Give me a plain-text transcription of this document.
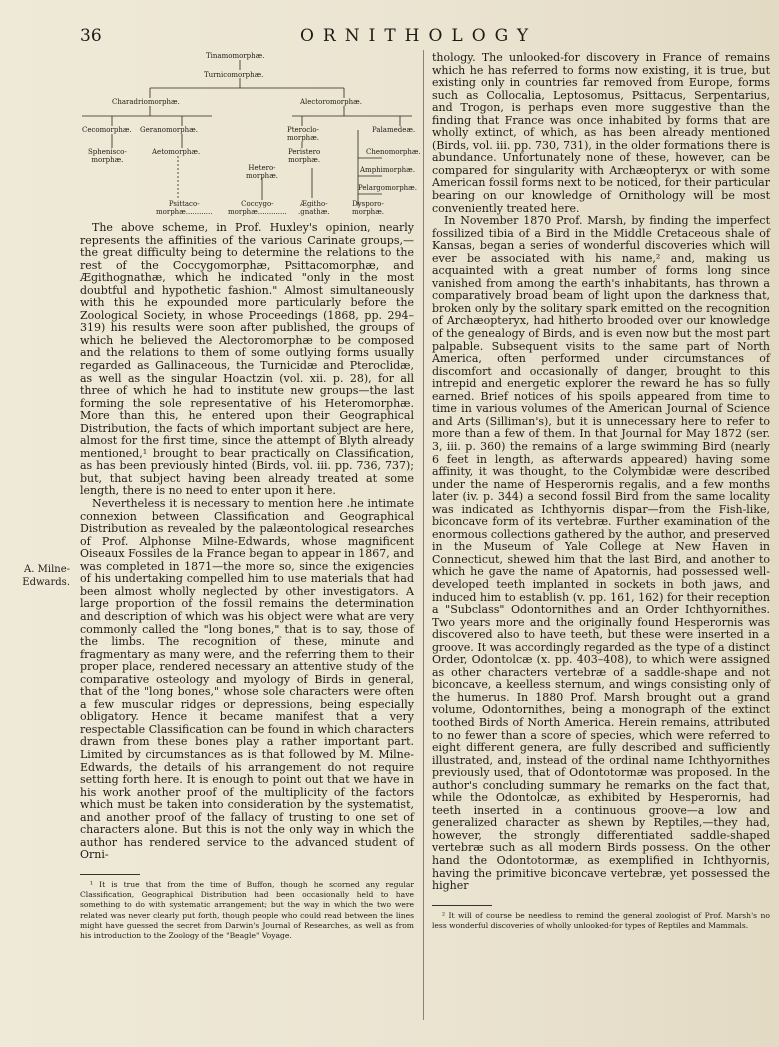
36	ORNITHOLOGY
Tinamomorphæ.
Turnicomorphæ.
Charadriomorphæ.	Alectoromorphæ.
Cecomorphæ. Geranomorphæ.	Pteroclo-
morphæ.
Palamedeæ.
Sphenisco-
morphæ.
Aetomorphæ.	Peristero
morphæ.
Chenomorphæ.
Hetero-
morphæ.
Amphimorphæ.
Pelargomorphæ.
Psittaco-
morphæ............
Coccygo-
morphæ.............
Ægitho-
.gnathæ.
Dysporo-
morphæ.
A. Milne-
Edwards.

The above scheme, in Prof. Huxley's opinion, nearly represents the affinities of the various Carinate groups,—the great difficulty being to determine the relations to the rest of the Coccygomorphæ, Psittacomorphæ, and Ægithognathæ, which he indicated "only in the most doubtful and hypothetic fashion." Almost simultaneously with this he expounded more particularly before the Zoological Society, in whose Proceedings (1868, pp. 294–319) his results were soon after published, the groups of which he believed the Alectoromorphæ to be composed and the relations to them of some outlying forms usually regarded as Gallinaceous, the Turnicidæ and Pteroclidæ, as well as the singular Hoactzin (vol. xii. p. 28), for all three of which he had to institute new groups—the last forming the sole representative of his Heteromorphæ. More than this, he entered upon their Geographical Distribution, the facts of which important subject are here, almost for the first time, since the attempt of Blyth already mentioned,¹ brought to bear practically on Classification, as has been previously hinted (Birds, vol. iii. pp. 736, 737); but, that subject having been already treated at some length, there is no need to enter upon it here.

Nevertheless it is necessary to mention here .he intimate connexion between Classification and Geographical Distribution as revealed by the palæontological researches of Prof. Alphonse Milne-Edwards, whose magnificent Oiseaux Fossiles de la France began to appear in 1867, and was completed in 1871—the more so, since the exigencies of his undertaking compelled him to use materials that had been almost wholly neglected by other investigators. A large proportion of the fossil remains the determination and description of which was his object were what are very commonly called the "long bones," that is to say, those of the limbs. The recognition of these, minute and fragmentary as many were, and the referring them to their proper place, rendered necessary an attentive study of the comparative osteology and myology of Birds in general, that of the "long bones," whose sole characters were often a few muscular ridges or depressions, being especially obligatory. Hence it became manifest that a very respectable Classification can be found in which characters drawn from these bones play a rather important part. Limited by circumstances as is that followed by M. Milne-Edwards, the details of his arrangement do not require setting forth here. It is enough to point out that we have in his work another proof of the multiplicity of the factors which must be taken into consideration by the systematist, and another proof of the fallacy of trusting to one set of characters alone. But this is not the only way in which the author has rendered service to the advanced student of Orni-

¹ It is true that from the time of Buffon, though he scorned any regular Classification, Geographical Distribution had been occasionally held to have something to do with systematic arrangement; but the way in which the two were related was never clearly put forth, though people who could read between the lines might have guessed the secret from Darwin's Journal of Researches, as well as from his introduction to the Zoology of the "Beagle" Voyage.

thology. The unlooked-for discovery in France of remains which he has referred to forms now existing, it is true, but existing only in countries far removed from Europe, forms such as Collocalia, Leptosomus, Psittacus, Serpentarius, and Trogon, is perhaps even more suggestive than the finding that France was once inhabited by forms that are wholly extinct, of which, as has been already mentioned (Birds, vol. iii. pp. 730, 731), in the older formations there is abundance. Unfortunately none of these, however, can be compared for singularity with Archæopteryx or with some American fossil forms next to be noticed, for their particular bearing on our knowledge of Ornithology will be most conveniently treated here.

In November 1870 Prof. Marsh, by finding the imperfect fossilized tibia of a Bird in the Middle Cretaceous shale of Kansas, began a series of wonderful discoveries which will ever be associated with his name,² and, making us acquainted with a great number of forms long since vanished from among the earth's inhabitants, has thrown a comparatively broad beam of light upon the darkness that, broken only by the solitary spark emitted on the recognition of Archæopteryx, had hitherto brooded over our knowledge of the genealogy of Birds, and is even now but the most part palpable. Subsequent visits to the same part of North America, often performed under circumstances of discomfort and occasionally of danger, brought to this intrepid and energetic explorer the reward he has so fully earned. Brief notices of his spoils appeared from time to time in various volumes of the American Journal of Science and Arts (Silliman's), but it is unnecessary here to refer to more than a few of them. In that Journal for May 1872 (ser. 3, iii. p. 360) the remains of a large swimming Bird (nearly 6 feet in length, as afterwards appeared) having some affinity, it was thought, to the Colymbidæ were described under the name of Hesperornis regalis, and a few months later (iv. p. 344) a second fossil Bird from the same locality was indicated as Ichthyornis dispar—from the Fish-like, biconcave form of its vertebræ. Further examination of the enormous collections gathered by the author, and preserved in the Museum of Yale College at New Haven in Connecticut, shewed him that the last Bird, and another to which he gave the name of Apatornis, had possessed well-developed teeth implanted in sockets in both jaws, and induced him to establish (v. pp. 161, 162) for their reception a "Subclass" Odontornithes and an Order Ichthyornithes. Two years more and the originally found Hesperornis was discovered also to have teeth, but these were inserted in a groove. It was accordingly regarded as the type of a distinct Order, Odontolcæ (x. pp. 403–408), to which were assigned as other characters vertebræ of a saddle-shape and not biconcave, a keelless sternum, and wings consisting only of the humerus. In 1880 Prof. Marsh brought out a grand volume, Odontornithes, being a monograph of the extinct toothed Birds of North America. Herein remains, attributed to no fewer than a score of species, which were referred to eight different genera, are fully described and sufficiently illustrated, and, instead of the ordinal name Ichthyornithes previously used, that of Odontotormæ was proposed. In the author's concluding summary he remarks on the fact that, while the Odontolcæ, as exhibited by Hesperornis, had teeth inserted in a continuous groove—a low and generalized character as shewn by Reptiles,—they had, however, the strongly differentiated saddle-shaped vertebræ such as all modern Birds possess. On the other hand the Odontotormæ, as exemplified in Ichthyornis, having the primitive biconcave vertebræ, yet possessed the higher

² It will of course be needless to remind the general zoologist of Prof. Marsh's no less wonderful discoveries of wholly unlooked-for types of Reptiles and Mammals.
